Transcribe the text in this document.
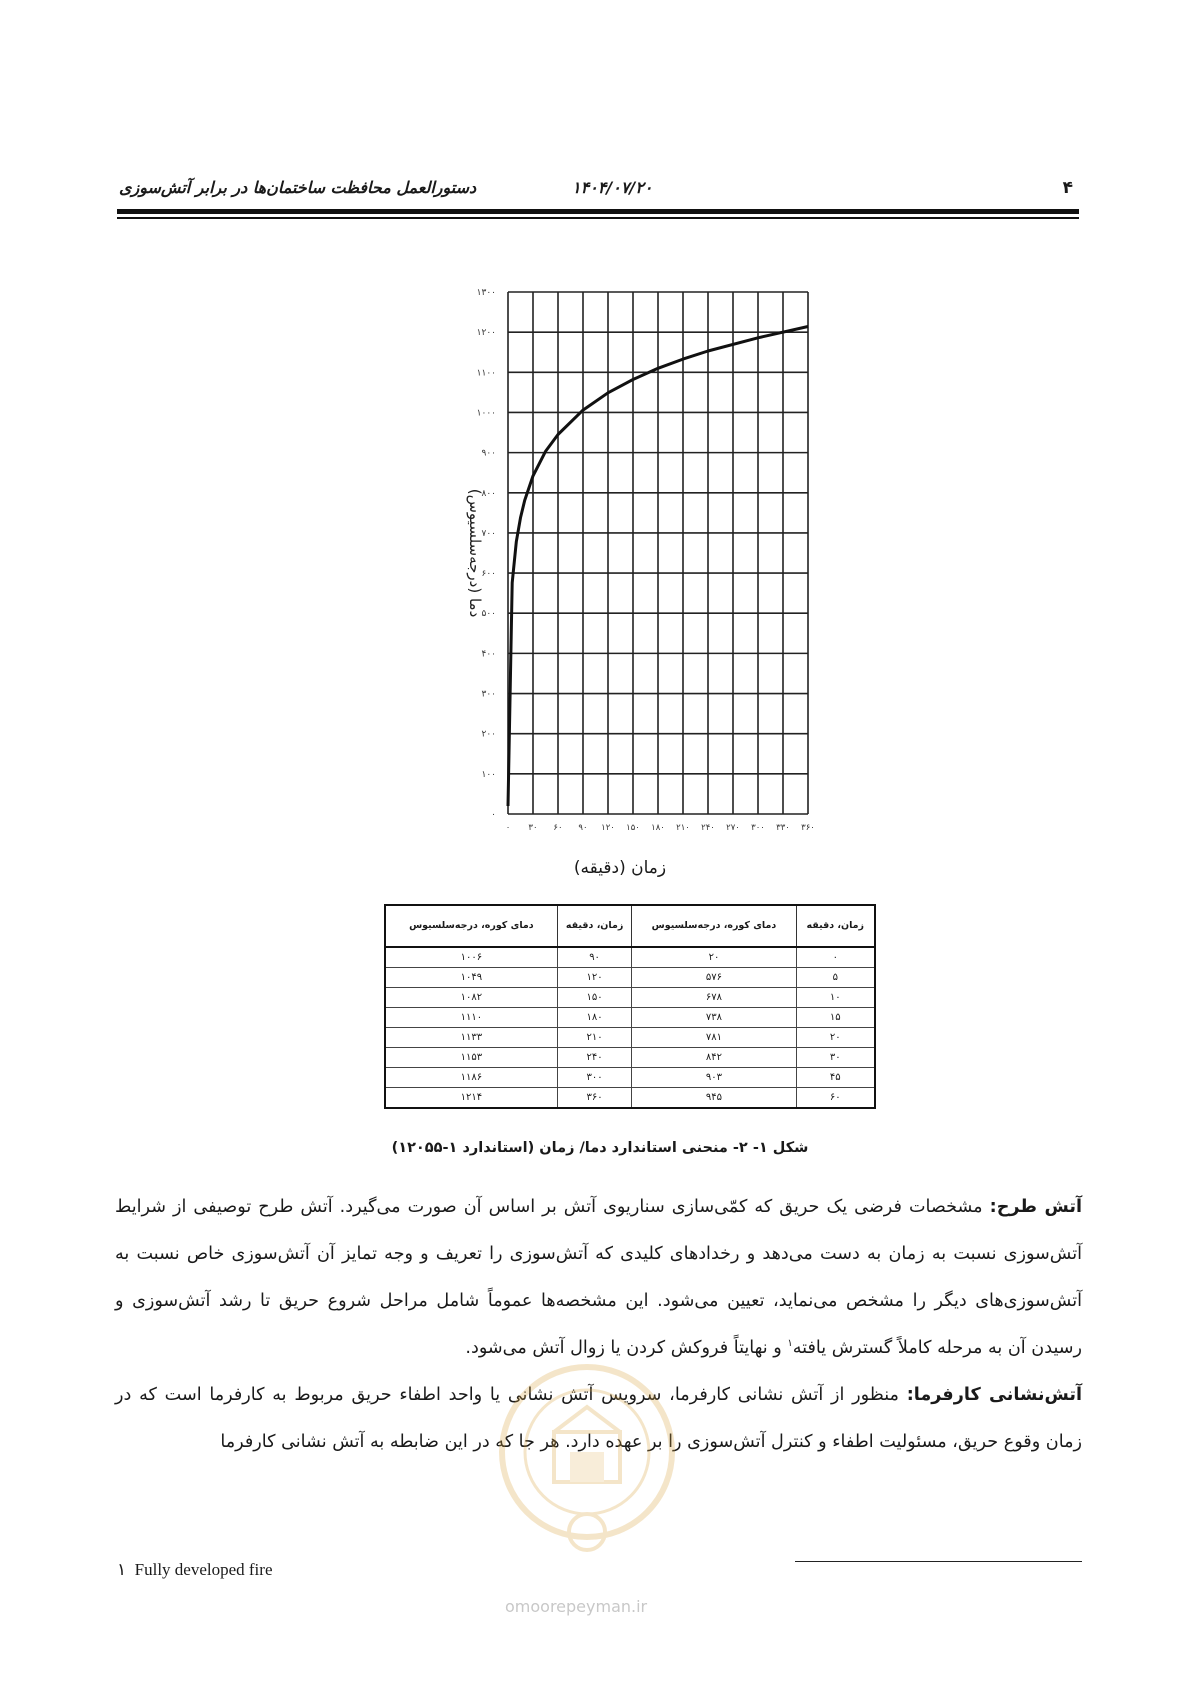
۴
۱۴۰۴/۰۷/۲۰
دستورالعمل محافظت ساختمان‌ها در برابر آتش‌سوزی
۰
۱۰۰
۲۰۰
۳۰۰
۴۰۰
۵۰۰
۶۰۰
۷۰۰
۸۰۰
۹۰۰
۱۰۰۰
۱۱۰۰
۱۲۰۰
۱۳۰۰
۰ ۳۰ ۶۰ ۹۰ ۱۲۰ ۱۵۰ ۱۸۰ ۲۱۰ ۲۴۰ ۲۷۰ ۳۰۰ ۳۳۰ ۳۶۰
دما (درجه‌سلسیوس)
زمان (دقیقه)
زمان، دقیقه	دمای کوره، درجه‌سلسیوس	زمان، دقیقه	دمای کوره، درجه‌سلسیوس
۰	۲۰	۹۰	۱۰۰۶
۵	۵۷۶	۱۲۰	۱۰۴۹
۱۰	۶۷۸	۱۵۰	۱۰۸۲
۱۵	۷۳۸	۱۸۰	۱۱۱۰
۲۰	۷۸۱	۲۱۰	۱۱۳۳
۳۰	۸۴۲	۲۴۰	۱۱۵۳
۴۵	۹۰۳	۳۰۰	۱۱۸۶
۶۰	۹۴۵	۳۶۰	۱۲۱۴
شکل ۱- ۲- منحنی استاندارد دما/ زمان (استاندارد ۱-۱۲۰۵۵)

آتش طرح: مشخصات فرضی یک حریق که کمّی‌سازی سناریوی آتش بر اساس آن صورت می‌گیرد. آتش طرح توصیفی از شرایط آتش‌سوزی نسبت به زمان به دست می‌دهد و رخدادهای کلیدی که آتش‌سوزی را تعریف و وجه تمایز آن آتش‌سوزی خاص نسبت به آتش‌سوزی‌های دیگر را مشخص می‌نماید، تعیین می‌شود. این مشخصه‌ها عموماً شامل مراحل شروع حریق تا رشد آتش‌سوزی و رسیدن آن به مرحله کاملاً گسترش یافته$^۱$ و نهایتاً فروکش کردن یا زوال آتش می‌شود.

آتش‌نشانی کارفرما: منظور از آتش نشانی کارفرما، سرویس آتش نشانی یا واحد اطفاء حریق مربوط به کارفرما است که در زمان وقوع حریق، مسئولیت اطفاء و کنترل آتش‌سوزی را بر عهده دارد. هر جا که در این ضابطه به آتش نشانی کارفرما

omoorepeyman.ir
۱ Fully developed fire
